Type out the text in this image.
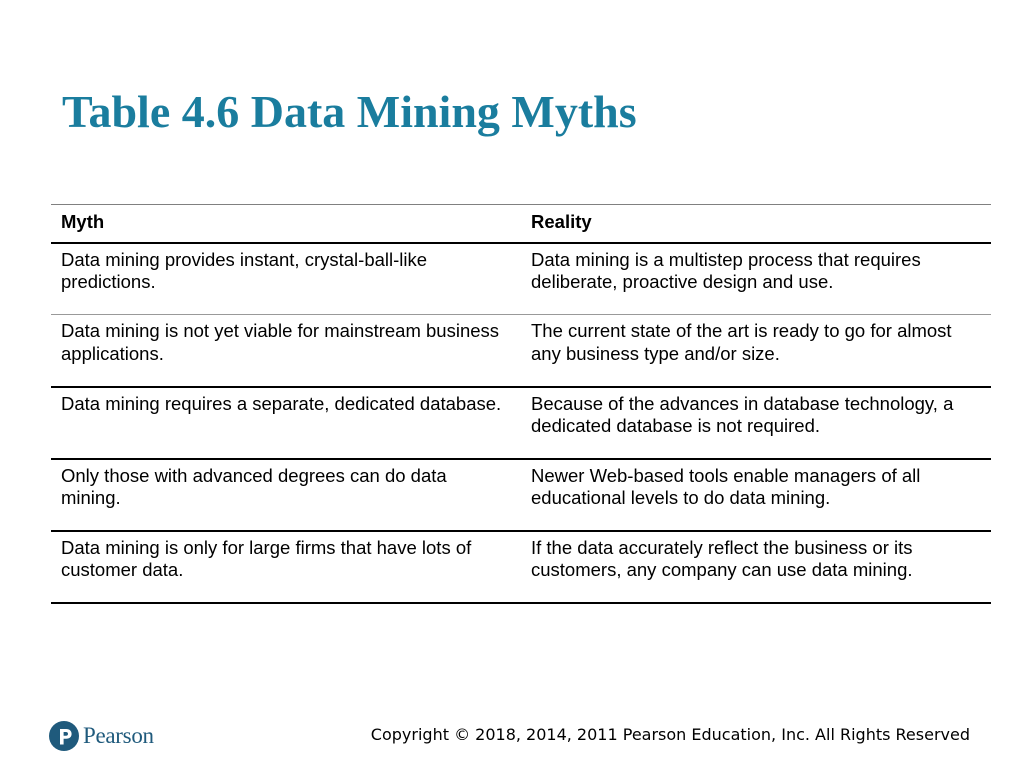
Table 4.6 Data Mining Myths
Myth	Reality
Data mining provides instant, crystal-ball-like predictions.	Data mining is a multistep process that requires deliberate, proactive design and use.
Data mining is not yet viable for mainstream business applications.	The current state of the art is ready to go for almost any business type and/or size.
Data mining requires a separate, dedicated database.	Because of the advances in database technology, a dedicated database is not required.
Only those with advanced degrees can do data mining.	Newer Web-based tools enable managers of all educational levels to do data mining.
Data mining is only for large firms that have lots of customer data.	If the data accurately reflect the business or its customers, any company can use data mining.
Pearson	Copyright © 2018, 2014, 2011 Pearson Education, Inc. All Rights Reserved
